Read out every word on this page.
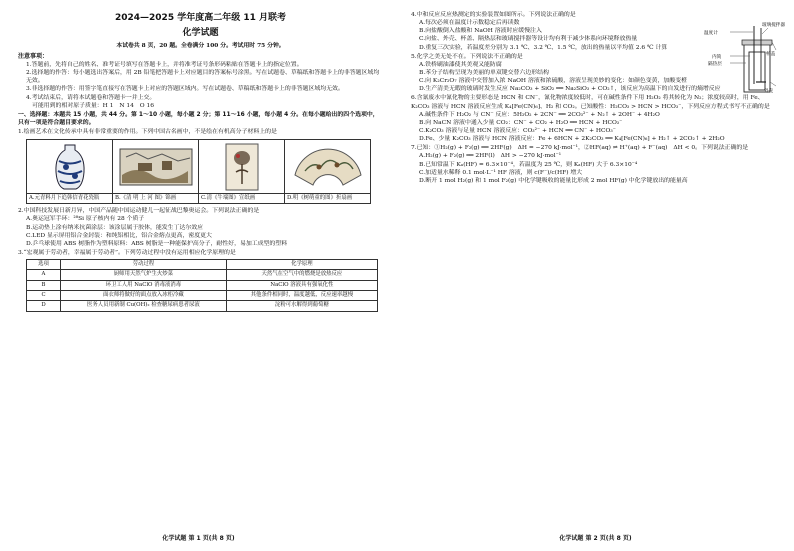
2024—2025 学年度高二年级 11 月联考
化学试题
本试卷共 8 页，20 题。全卷满分 100 分。考试用时 75 分钟。
注意事项：
1.答题前，先将自己的姓名、准考证号填写在答题卡上，并将准考证号条形码粘贴在答题卡上的指定位置。
2.选择题的作答：每小题选出答案后，用 2B 铅笔把答题卡上对应题目的答案标号涂黑。写在试题卷、草稿纸和答题卡上的非答题区域均无效。
3.非选择题的作答：用签字笔直接写在答题卡上对应的答题区域内。写在试题卷、草稿纸和答题卡上的非答题区域均无效。
4.考试结束后，请将本试题卷和答题卡一并上交。
可能用到的相对原子质量：H 1　N 14　O 16
一、选择题：本题共 15 小题，共 44 分。第 1～10 小题，每小题 2 分；第 11～16 小题，每小题 4 分。在每小题给出的四个选项中，只有一项是符合题目要求的。
1.绘画艺术在文化传承中具有非常重要的作用。下列中国古名画中，不是绘在有机高分子材料上的是
A.元青料月下追韩信青花瓷瓶	B.《清 明 上 河 图》锦画	C.清《牛端图》宣纸画	D.明《树萌童的图》折扇画
2.中国科技发展日新月异，中国产品随中国运动健儿一起征战巴黎奥运会。下列说法正确的是
A.奥运冠军手环：²⁸Si 原子核内有 28 个质子
B.运动垫上涂有纳米抗菌涂层：该涂层属于胶体，能发生丁达尔效应
C.LED 显示屏用铝合金封装：和纯铝相比，铝合金熔点更高，密度更大
D.乒乓球使用 ABS 树脂作为塑料原料：ABS 树脂是一种能保护高分子，耐性好，易加工成型的塑料
3.“宏观属于劳动者，幸福属于劳动者”。下列劳动过程中没有运用相应化学原理的是
选项	劳动过程	化学原理
A	厨师用天然气炉生火炒菜	天然气在空气中的燃烧是放热反应
B	环卫工人用 NaClO 消毒液消毒	NaClO 溶液具有强氧化性
C	面衣师将做好的面点放入冰柜冷藏	其他条件相同时，温度越低，反应速率越慢
D	医务人员用新制 Cu(OH)₂ 检查糖尿病患者尿液	淀粉可水解得到葡萄糖
化学试题 第 1 页(共 8 页)
温度计
玻璃搅拌器
内筒
隔热层
杯盖
外壳
4.中和反应反应热测定的实验装置如图所示。下列说法正确的是
A.每次必须在温度计示数稳定后再读数
B.向盐酸倒入盐酸和 NaOH 溶液时应缓慢注入
C.向盐、外壳、杯盖、隔热层和玻璃搅拌器等设计均有利于减少体系向环境释放热量
D.重复三次实验，若温度差分别为 3.1 ℃、3.2 ℃、1.5 ℃，放出的热量以平均值 2.6 ℃ 计算
5.化学之美无处不在。下列说法不正确的是
A.铁桥刷油漆使其美观又能防腐
B.苯分子结构呈现为美丽的单双键交替六边形结构
C.向 K₂Cr₂O₇ 溶液中交替加入浓 NaOH 溶液和浓硫酸，溶液呈现美妙的变化：如颜色变黄，加酸变橙
D.生产清美无暇的玻璃时发生反应 Na₂CO₃ + SiO₂ ══ Na₂SiO₃ + CO₂↑，该反应为高温下的自发进行的熵增反应
6.含氰废水中氰化物的主要形态是 HCN 和 CN⁻，氰化物浓度较低时，可在碱性条件下用 H₂O₂ 将其转化为 N₂；浓度较高时，用 Fe、K₂CO₃ 溶液与 HCN 溶液反应生成 K₄[Fe(CN)₆]、H₂ 和 CO₂。已知酸性：H₂CO₃ > HCN > HCO₃⁻，下列反应方程式书写不正确的是
A.碱性条件下 H₂O₂ 与 CN⁻ 反应：5H₂O₂ + 2CN⁻ ══ 2CO₃²⁻ + N₂↑ + 2OH⁻ + 4H₂O
B.向 NaCN 溶液中通入少量 CO₂：CN⁻ + CO₂ + H₂O ══ HCN + HCO₃⁻
C.K₂CO₃ 溶液与足量 HCN 溶液反应：CO₃²⁻ + HCN ══ CN⁻ + HCO₃⁻
D.Fe、少量 K₂CO₃ 溶液与 HCN 溶液反应：Fe + 6HCN + 2K₂CO₃ ══ K₄[Fe(CN)₆] + H₂↑ + 2CO₂↑ + 2H₂O
7.已知：①H₂(g) + F₂(g) ══ 2HF(g)　ΔH = −270 kJ·mol⁻¹，②HF(aq) ⇌ H⁺(aq) + F⁻(aq)　ΔH < 0。下列说法正确的是
A.H₂(g) + F₂(g) ══ 2HF(l)　ΔH > −270 kJ·mol⁻¹
B.已知常温下 Kₐ(HF) = 6.3×10⁻⁴，若温度为 25 ℃，则 Kₐ(HF) 大于 6.3×10⁻⁴
C.加适量水稀释 0.1 mol·L⁻¹ HF 溶液，则 c(F⁻)/c(HF) 增大
D.断开 1 mol H₂(g) 和 1 mol F₂(g) 中化学键吸收的能量比形成 2 mol HF(g) 中化学键放出的能量高
化学试题 第 2 页(共 8 页)
